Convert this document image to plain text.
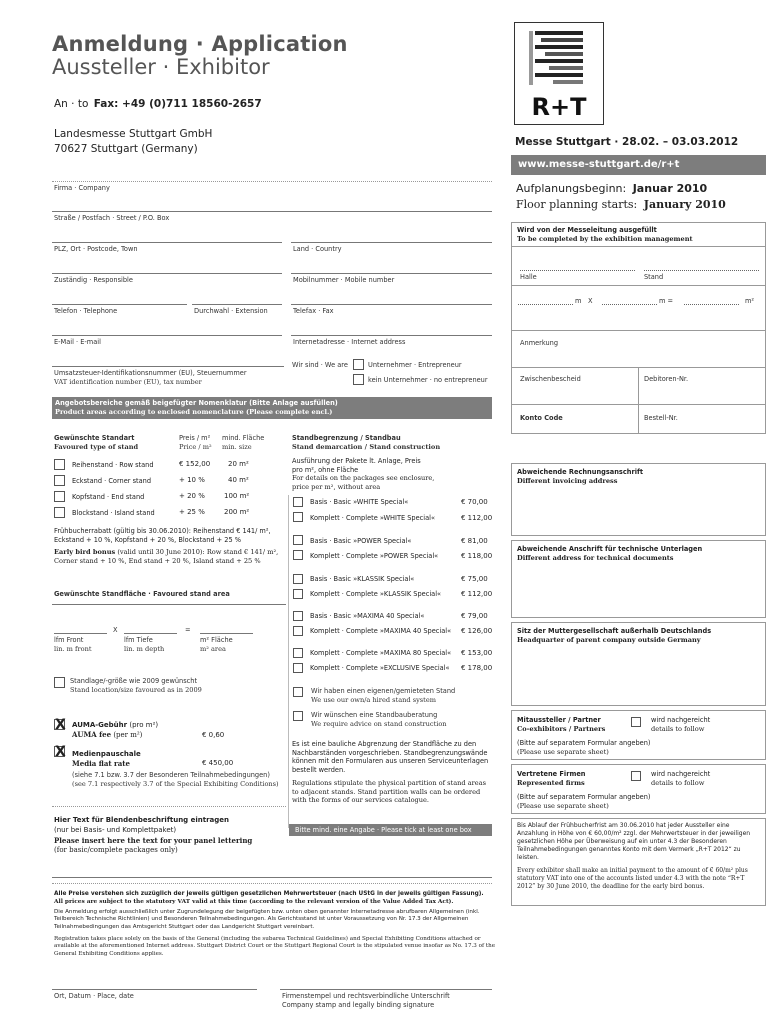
Anmeldung · Application
Aussteller · Exhibitor
An · to Fax: +49 (0)711 18560-2657
Landesmesse Stuttgart GmbH
70627 Stuttgart (Germany)
R+T
Messe Stuttgart · 28.02. – 03.03.2012
www.messe-stuttgart.de/r+t
Aufplanungsbeginn: Januar 2010
Floor planning starts: January 2010
Firma · Company
Straße / Postfach · Street / P.O. Box
PLZ, Ort · Postcode, Town	Land · Country
Zuständig · Responsible	Mobilnummer · Mobile number
Telefon · Telephone	Durchwahl · Extension	Telefax · Fax
E-Mail · E-mail	Internetadresse · Internet address
Umsatzsteuer-Identifikationsnummer (EU), Steuernummer
VAT identification number (EU), tax number
Wir sind · We are	Unternehmer · Entrepreneur
kein Unternehmer · no entrepreneur
Wird von der Messeleitung ausgefüllt
To be completed by the exhibition management
Halle	Stand
m X	m =	m²
Anmerkung
Zwischenbescheid	Debitoren-Nr.
Konto Code	Bestell-Nr.
Angebotsbereiche gemäß beigefügter Nomenklatur (Bitte Anlage ausfüllen)
Product areas according to enclosed nomenclature (Please complete encl.)
Gewünschte Standart
Favoured type of stand
Preis / m²
Price / m²
mind. Fläche
min. size
Reihenstand · Row stand	€ 152,00	20 m²
Eckstand · Corner stand	+ 10 %	40 m²
Kopfstand · End stand	+ 20 %	100 m²
Blockstand · Island stand	+ 25 %	200 m²
Frühbucherrabatt (gültig bis 30.06.2010): Reihenstand € 141/ m², Eckstand + 10 %, Kopfstand + 20 %, Blockstand + 25 %
Early bird bonus (valid until 30 June 2010): Row stand € 141/ m², Corner stand + 10 %, End stand + 20 %, Island stand + 25 %
Gewünschte Standfläche · Favoured stand area
X	=
lfm Front
lin. m front
lfm Tiefe
lin. m depth
m² Fläche
m² area
Standlage/-größe wie 2009 gewünscht
Stand location/size favoured as in 2009
X AUMA-Gebühr (pro m²)
AUMA fee (per m²)	€ 0,60
X Medienpauschale
Media flat rate	€ 450,00
(siehe 7.1 bzw. 3.7 der Besonderen Teilnahmebedingungen)
(see 7.1 respectively 3.7 of the Special Exhibiting Conditions)
Hier Text für Blendenbeschriftung eintragen
(nur bei Basis- und Komplettpaket)
Please insert here the text for your panel lettering
(for basic/complete packages only)
Standbegrenzung / Standbau
Stand demarcation / Stand construction
Ausführung der Pakete lt. Anlage, Preis pro m², ohne Fläche
For details on the packages see enclosure, price per m², without area
Basis · Basic »WHITE Special«	€ 70,00
Komplett · Complete »WHITE Special«	€ 112,00
Basis · Basic »POWER Special«	€ 81,00
Komplett · Complete »POWER Special«	€ 118,00
Basis · Basic »KLASSIK Special«	€ 75,00
Komplett · Complete »KLASSIK Special«	€ 112,00
Basis · Basic »MAXIMA 40 Special«	€ 79,00
Komplett · Complete »MAXIMA 40 Special« € 126,00
Komplett · Complete »MAXIMA 80 Special« € 153,00
Komplett · Complete »EXCLUSIVE Special« € 178,00
Wir haben einen eigenen/gemieteten Stand
We use our own/a hired stand system
Wir wünschen eine Standbauberatung
We require advice on stand construction
Es ist eine bauliche Abgrenzung der Standfläche zu den Nachbarständen vorgeschrieben. Standbegrenzungswände können mit den Formularen aus unseren Serviceunterlagen bestellt werden.
Regulations stipulate the physical partition of stand areas to adjacent stands. Stand partition walls can be ordered with the forms of our services catalogue.
Bitte mind. eine Angabe · Please tick at least one box
Abweichende Rechnungsanschrift
Different invoicing address
Abweichende Anschrift für technische Unterlagen
Different address for technical documents
Sitz der Muttergesellschaft außerhalb Deutschlands
Headquarter of parent company outside Germany
Mitaussteller / Partner
Co-exhibitors / Partners
wird nachgereicht
details to follow
(Bitte auf separatem Formular angeben)
(Please use separate sheet)
Vertretene Firmen
Represented firms
wird nachgereicht
details to follow
(Bitte auf separatem Formular angeben)
(Please use separate sheet)
Bis Ablauf der Frühbucherfrist am 30.06.2010 hat jeder Aussteller eine Anzahlung in Höhe von € 60,00/m² zzgl. der Mehrwertsteuer in der jeweiligen gesetzlichen Höhe per Überweisung auf ein unter 4.3 der Besonderen Teilnahmebedingungen genanntes Konto mit dem Vermerk „R+T 2012“ zu leisten.
Every exhibitor shall make an initial payment to the amount of € 60/m² plus statutory VAT into one of the accounts listed under 4.3 with the note “R+T 2012” by 30 June 2010, the deadline for the early bird bonus.
Alle Preise verstehen sich zuzüglich der jeweils gültigen gesetzlichen Mehrwertsteuer (nach UStG in der jeweils gültigen Fassung).
All prices are subject to the statutory VAT valid at this time (according to the relevant version of the Value Added Tax Act).
Die Anmeldung erfolgt ausschließlich unter Zugrundelegung der beigefügten bzw. unten oben genannter Internetadresse abrufbaren Allgemeinen (inkl. Teilbereich Technische Richtlinien) und Besonderen Teilnahmebedingungen. Als Gerichtsstand ist unter Voraussetzung von Nr. 17.3 der Allgemeinen Teilnahmebedingungen das Amtsgericht Stuttgart oder das Landgericht Stuttgart vereinbart.
Registration takes place solely on the basis of the General (including the subarea Technical Guidelines) and Special Exhibiting Conditions attached or available at the aforementioned Internet address. Stuttgart District Court or the Stuttgart Regional Court is the stipulated venue insofar as No. 17.3 of the General Exhibiting Conditions applies.
Ort, Datum · Place, date	Firmenstempel und rechtsverbindliche Unterschrift
Company stamp and legally binding signature
